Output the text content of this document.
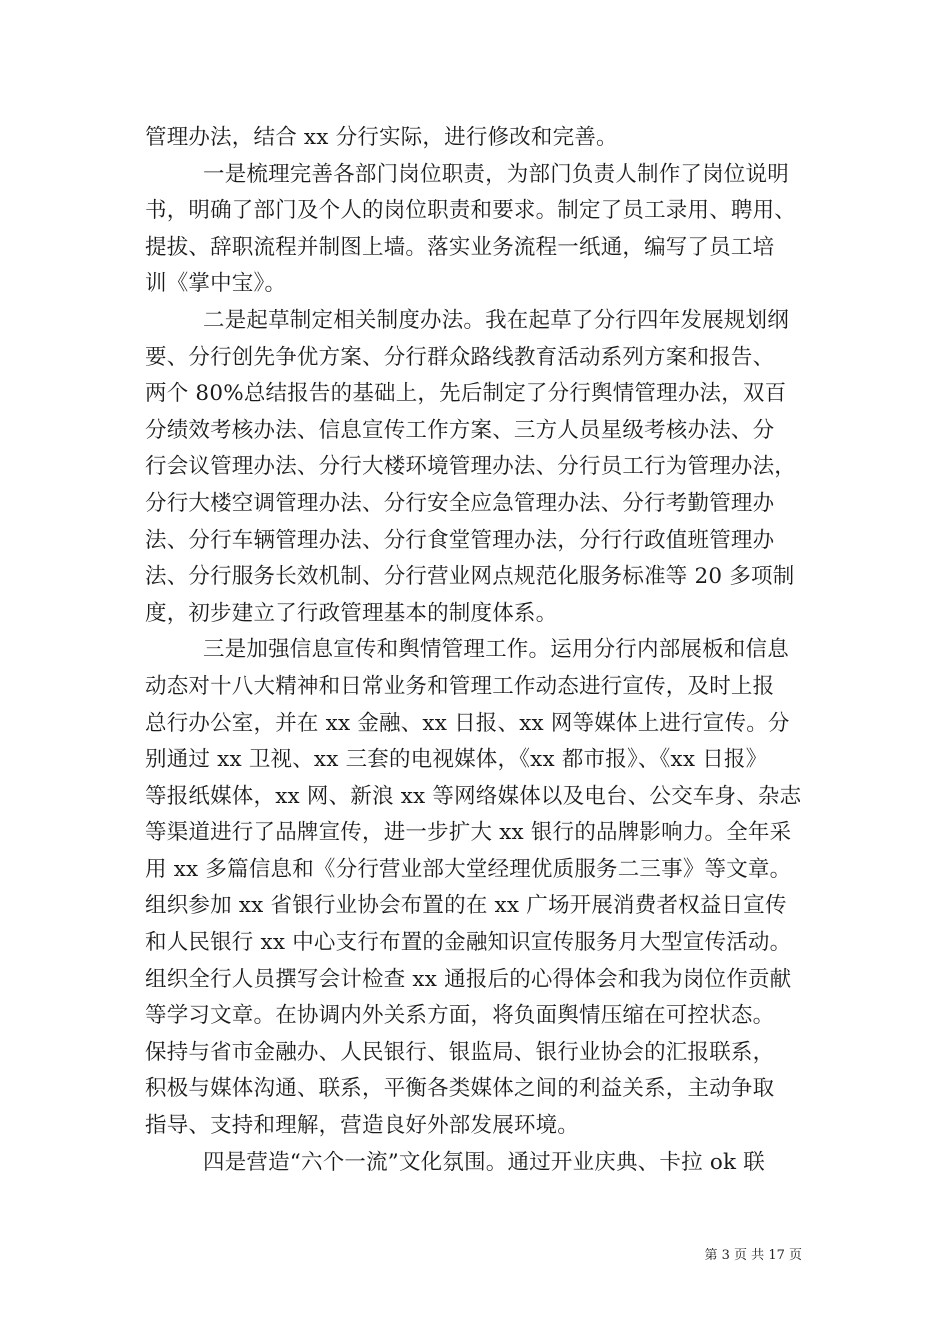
管理办法，结合 xx 分行实际，进行修改和完善。
一是梳理完善各部门岗位职责，为部门负责人制作了岗位说明
书，明确了部门及个人的岗位职责和要求。制定了员工录用、聘用、
提拔、辞职流程并制图上墙。落实业务流程一纸通，编写了员工培
训《掌中宝》。
二是起草制定相关制度办法。我在起草了分行四年发展规划纲
要、分行创先争优方案、分行群众路线教育活动系列方案和报告、
两个 80%总结报告的基础上，先后制定了分行舆情管理办法，双百
分绩效考核办法、信息宣传工作方案、三方人员星级考核办法、分
行会议管理办法、分行大楼环境管理办法、分行员工行为管理办法，
分行大楼空调管理办法、分行安全应急管理办法、分行考勤管理办
法、分行车辆管理办法、分行食堂管理办法，分行行政值班管理办
法、分行服务长效机制、分行营业网点规范化服务标准等 20 多项制
度，初步建立了行政管理基本的制度体系。
三是加强信息宣传和舆情管理工作。运用分行内部展板和信息
动态对十八大精神和日常业务和管理工作动态进行宣传，及时上报
总行办公室，并在 xx 金融、xx 日报、xx 网等媒体上进行宣传。分
别通过 xx 卫视、xx 三套的电视媒体，《xx 都市报》、《xx 日报》
等报纸媒体，xx 网、新浪 xx 等网络媒体以及电台、公交车身、杂志
等渠道进行了品牌宣传，进一步扩大 xx 银行的品牌影响力。全年采
用 xx 多篇信息和《分行营业部大堂经理优质服务二三事》等文章。
组织参加 xx 省银行业协会布置的在 xx 广场开展消费者权益日宣传
和人民银行 xx 中心支行布置的金融知识宣传服务月大型宣传活动。
组织全行人员撰写会计检查 xx 通报后的心得体会和我为岗位作贡献
等学习文章。在协调内外关系方面，将负面舆情压缩在可控状态。
保持与省市金融办、人民银行、银监局、银行业协会的汇报联系，
积极与媒体沟通、联系，平衡各类媒体之间的利益关系，主动争取
指导、支持和理解，营造良好外部发展环境。
四是营造“六个一流”文化氛围。通过开业庆典、卡拉 ok 联
第 3 页 共 17 页
